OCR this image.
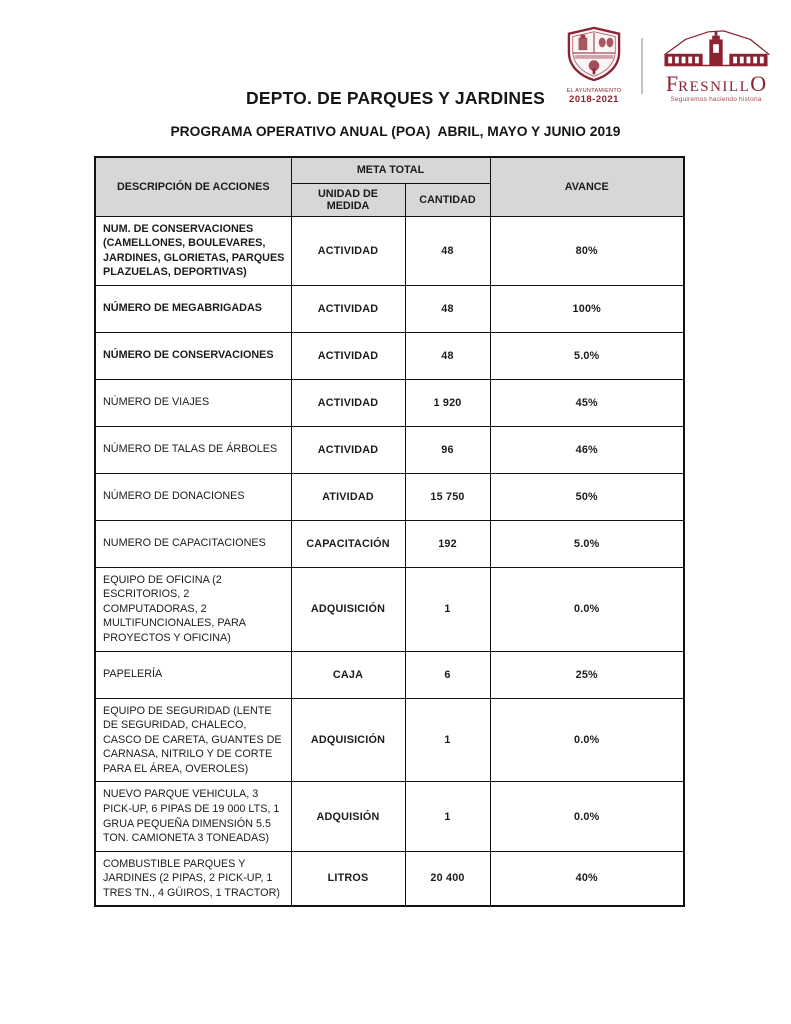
EL AYUNTAMIENTO
2018-2021
FRESNILLO
Seguiremos haciendo historia
DEPTO. DE PARQUES Y JARDINES
PROGRAMA OPERATIVO ANUAL (POA)  ABRIL, MAYO Y JUNIO 2019
DESCRIPCIÓN DE ACCIONES	META TOTAL		AVANCE
	UNIDAD DE MEDIDA	CANTIDAD	
NUM. DE CONSERVACIONES (CAMELLONES, BOULEVARES, JARDINES, GLORIETAS, PARQUES PLAZUELAS, DEPORTIVAS)	ACTIVIDAD	48	80%
NÚMERO DE MEGABRIGADAS	ACTIVIDAD	48	100%
NÚMERO DE CONSERVACIONES	ACTIVIDAD	48	5.0%
NÚMERO DE VIAJES	ACTIVIDAD	1 920	45%
NÚMERO DE TALAS DE ÁRBOLES	ACTIVIDAD	96	46%
NÚMERO DE DONACIONES	ATIVIDAD	15 750	50%
NUMERO DE CAPACITACIONES	CAPACITACIÓN	192	5.0%
EQUIPO DE OFICINA (2 ESCRITORIOS, 2 COMPUTADORAS, 2 MULTIFUNCIONALES, PARA PROYECTOS Y OFICINA)	ADQUISICIÓN	1	0.0%
PAPELERÍA	CAJA	6	25%
EQUIPO DE SEGURIDAD (LENTE DE SEGURIDAD, CHALECO, CASCO DE CARETA, GUANTES DE CARNASA, NITRILO Y DE CORTE PARA EL ÁREA, OVEROLES)	ADQUISICIÓN	1	0.0%
NUEVO PARQUE VEHICULA, 3 PICK-UP, 6 PIPAS DE 19 000 LTS, 1 GRUA PEQUEÑA DIMENSIÓN 5.5 TON. CAMIONETA 3 TONEADAS)	ADQUISIÓN	1	0.0%
COMBUSTIBLE PARQUES Y JARDINES (2 PIPAS, 2 PICK-UP, 1 TRES TN., 4 GÜIROS, 1 TRACTOR)	LITROS	20 400	40%
